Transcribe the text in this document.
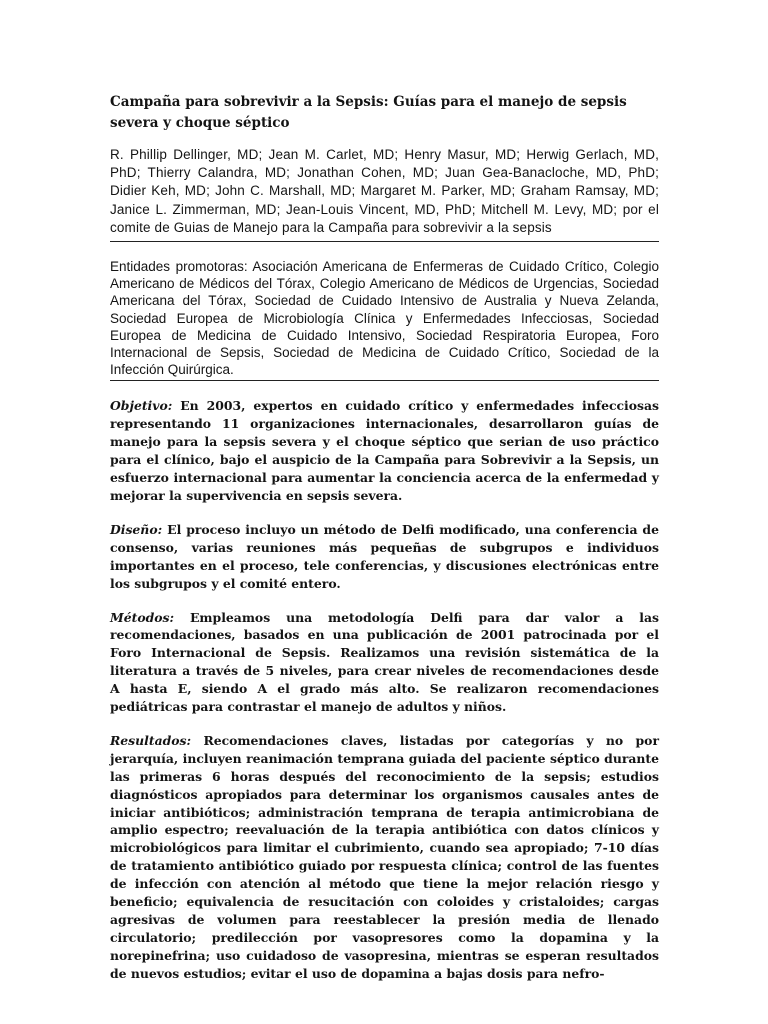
Campaña para sobrevivir a la Sepsis: Guías para el manejo de sepsis severa y choque séptico

R. Phillip Dellinger, MD; Jean M. Carlet, MD; Henry Masur, MD; Herwig Gerlach, MD, PhD; Thierry Calandra, MD; Jonathan Cohen, MD; Juan Gea-Banacloche, MD, PhD; Didier Keh, MD; John C. Marshall, MD; Margaret M. Parker, MD; Graham Ramsay, MD; Janice L. Zimmerman, MD; Jean-Louis Vincent, MD, PhD; Mitchell M. Levy, MD; por el comite de Guias de Manejo para la Campaña para sobrevivir a la sepsis

Entidades promotoras: Asociación Americana de Enfermeras de Cuidado Crítico, Colegio Americano de Médicos del Tórax, Colegio Americano de Médicos de Urgencias, Sociedad Americana del Tórax, Sociedad de Cuidado Intensivo de Australia y Nueva Zelanda, Sociedad Europea de Microbiología Clínica y Enfermedades Infecciosas, Sociedad Europea de Medicina de Cuidado Intensivo, Sociedad Respiratoria Europea, Foro Internacional de Sepsis, Sociedad de Medicina de Cuidado Crítico, Sociedad de la Infección Quirúrgica.

Objetivo: En 2003, expertos en cuidado crítico y enfermedades infecciosas representando 11 organizaciones internacionales, desarrollaron guías de manejo para la sepsis severa y el choque séptico que serian de uso práctico para el clínico, bajo el auspicio de la Campaña para Sobrevivir a la Sepsis, un esfuerzo internacional para aumentar la conciencia acerca de la enfermedad y mejorar la supervivencia en sepsis severa.

Diseño: El proceso incluyo un método de Delfi modificado, una conferencia de consenso, varias reuniones más pequeñas de subgrupos e individuos importantes en el proceso, tele conferencias, y discusiones electrónicas entre los subgrupos y el comité entero.

Métodos: Empleamos una metodología Delfi para dar valor a las recomendaciones, basados en una publicación de 2001 patrocinada por el Foro Internacional de Sepsis. Realizamos una revisión sistemática de la literatura a través de 5 niveles, para crear niveles de recomendaciones desde A hasta E, siendo A el grado más alto. Se realizaron recomendaciones pediátricas para contrastar el manejo de adultos y niños.

Resultados: Recomendaciones claves, listadas por categorías y no por jerarquía, incluyen reanimación temprana guiada del paciente séptico durante las primeras 6 horas después del reconocimiento de la sepsis; estudios diagnósticos apropiados para determinar los organismos causales antes de iniciar antibióticos; administración temprana de terapia antimicrobiana de amplio espectro; reevaluación de la terapia antibiótica con datos clínicos y microbiológicos para limitar el cubrimiento, cuando sea apropiado; 7-10 días de tratamiento antibiótico guiado por respuesta clínica; control de las fuentes de infección con atención al método que tiene la mejor relación riesgo y beneficio; equivalencia de resucitación con coloides y cristaloides; cargas agresivas de volumen para reestablecer la presión media de llenado circulatorio; predilección por vasopresores como la dopamina y la norepinefrina; uso cuidadoso de vasopresina, mientras se esperan resultados de nuevos estudios; evitar el uso de dopamina a bajas dosis para nefro-
